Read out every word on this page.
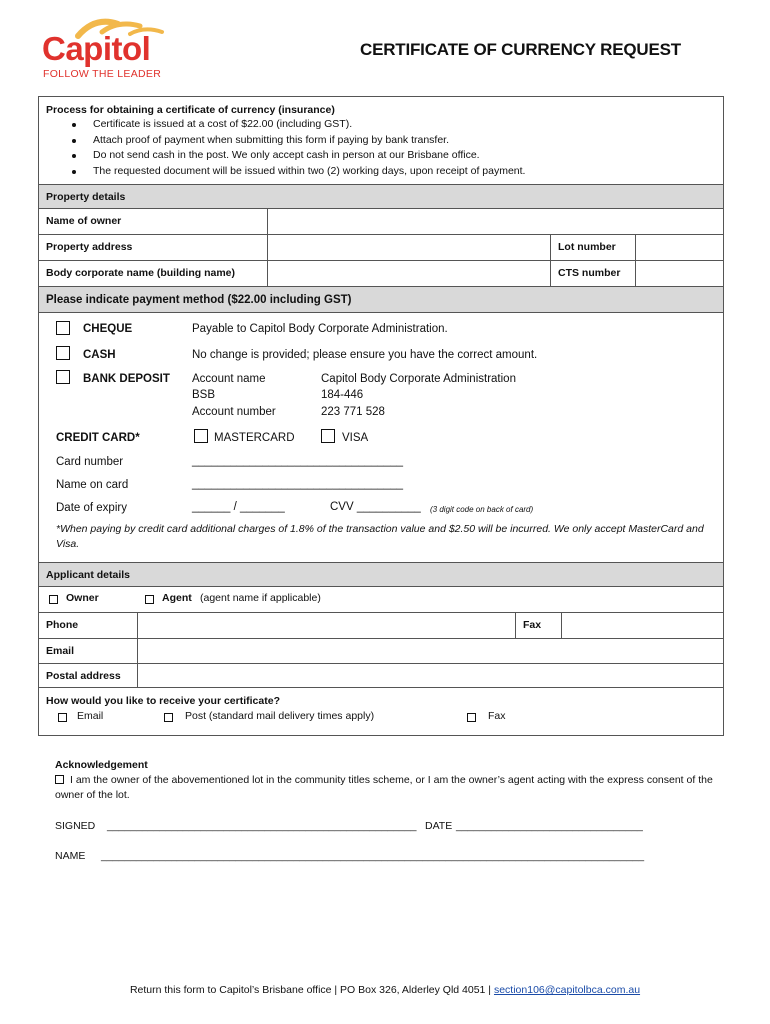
Capitol
FOLLOW THE LEADER
CERTIFICATE OF CURRENCY REQUEST
Process for obtaining a certificate of currency (insurance)
Certificate is issued at a cost of $22.00 (including GST).
Attach proof of payment when submitting this form if paying by bank transfer.
Do not send cash in the post. We only accept cash in person at our Brisbane office.
The requested document will be issued within two (2) working days, upon receipt of payment.
Property details
Name of owner
Property address	Lot number
Body corporate name (building name)	CTS number
Please indicate payment method ($22.00 including GST)
CHEQUE	Payable to Capitol Body Corporate Administration.
CASH	No change is provided; please ensure you have the correct amount.
BANK DEPOSIT Account name	Capitol Body Corporate Administration
BSB	184-446
Account number	223 771 528
CREDIT CARD*	MASTERCARD	VISA
Card number	_________________________________
Name on card	_________________________________
Date of expiry	______ / _______	CVV __________ (3 digit code on back of card)
*When paying by credit card additional charges of 1.8% of the transaction value and $2.50 will be incurred. We only accept MasterCard and Visa.
Applicant details
Owner	Agent (agent name if applicable)
Phone	Fax
Email
Postal address
How would you like to receive your certificate?
Email	Post (standard mail delivery times apply)	Fax
Acknowledgement
I am the owner of the abovementioned lot in the community titles scheme, or I am the owner’s agent acting with the express consent of the owner of the lot.
SIGNED _____________________________________________________ DATE ________________________________
NAME _____________________________________________________________________________________________
Return this form to Capitol’s Brisbane office | PO Box 326, Alderley Qld 4051 | section106@capitolbca.com.au
